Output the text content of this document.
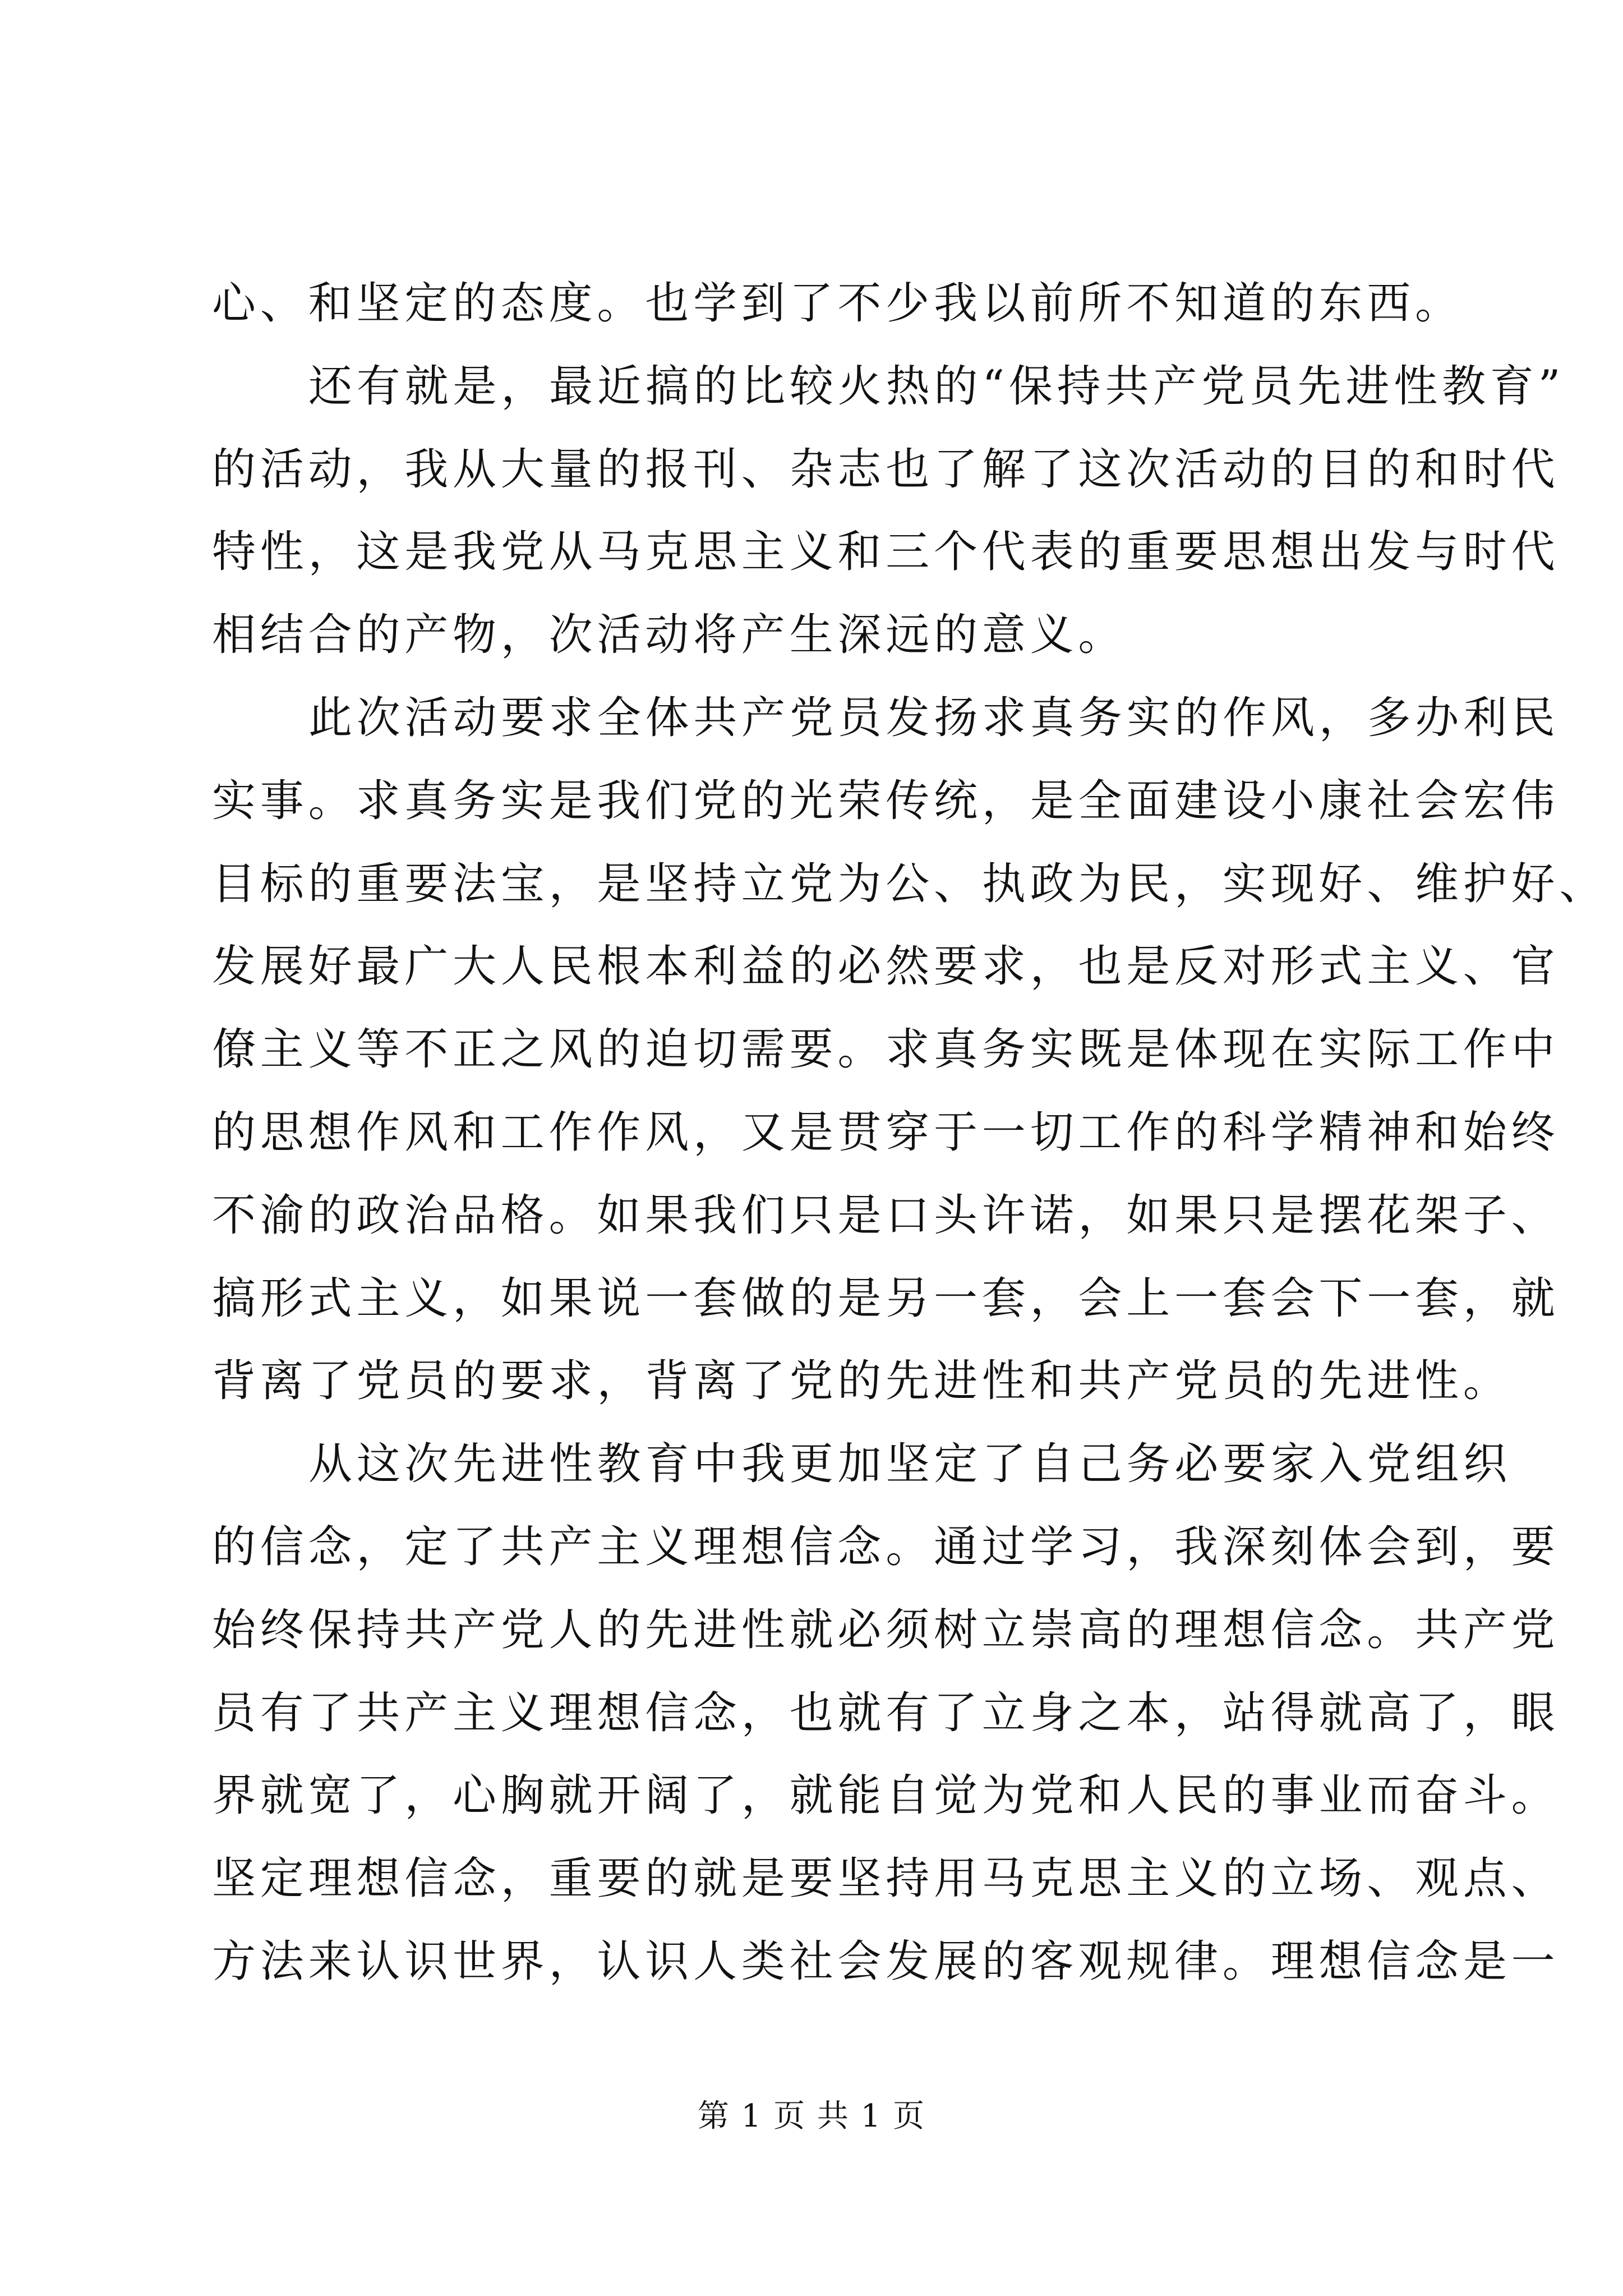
心、和坚定的态度。也学到了不少我以前所不知道的东西。
还有就是，最近搞的比较火热的“保持共产党员先进性教育”
的活动，我从大量的报刊、杂志也了解了这次活动的目的和时代
特性，这是我党从马克思主义和三个代表的重要思想出发与时代
相结合的产物，次活动将产生深远的意义。
此次活动要求全体共产党员发扬求真务实的作风，多办利民
实事。求真务实是我们党的光荣传统，是全面建设小康社会宏伟
目标的重要法宝，是坚持立党为公、执政为民，实现好、维护好、
发展好最广大人民根本利益的必然要求，也是反对形式主义、官
僚主义等不正之风的迫切需要。求真务实既是体现在实际工作中
的思想作风和工作作风，又是贯穿于一切工作的科学精神和始终
不渝的政治品格。如果我们只是口头许诺，如果只是摆花架子、
搞形式主义，如果说一套做的是另一套，会上一套会下一套，就
背离了党员的要求，背离了党的先进性和共产党员的先进性。
从这次先进性教育中我更加坚定了自己务必要家入党组织
的信念，定了共产主义理想信念。通过学习，我深刻体会到，要
始终保持共产党人的先进性就必须树立崇高的理想信念。共产党
员有了共产主义理想信念，也就有了立身之本，站得就高了，眼
界就宽了，心胸就开阔了，就能自觉为党和人民的事业而奋斗。
坚定理想信念，重要的就是要坚持用马克思主义的立场、观点、
方法来认识世界，认识人类社会发展的客观规律。理想信念是一
第 1 页 共 1 页
